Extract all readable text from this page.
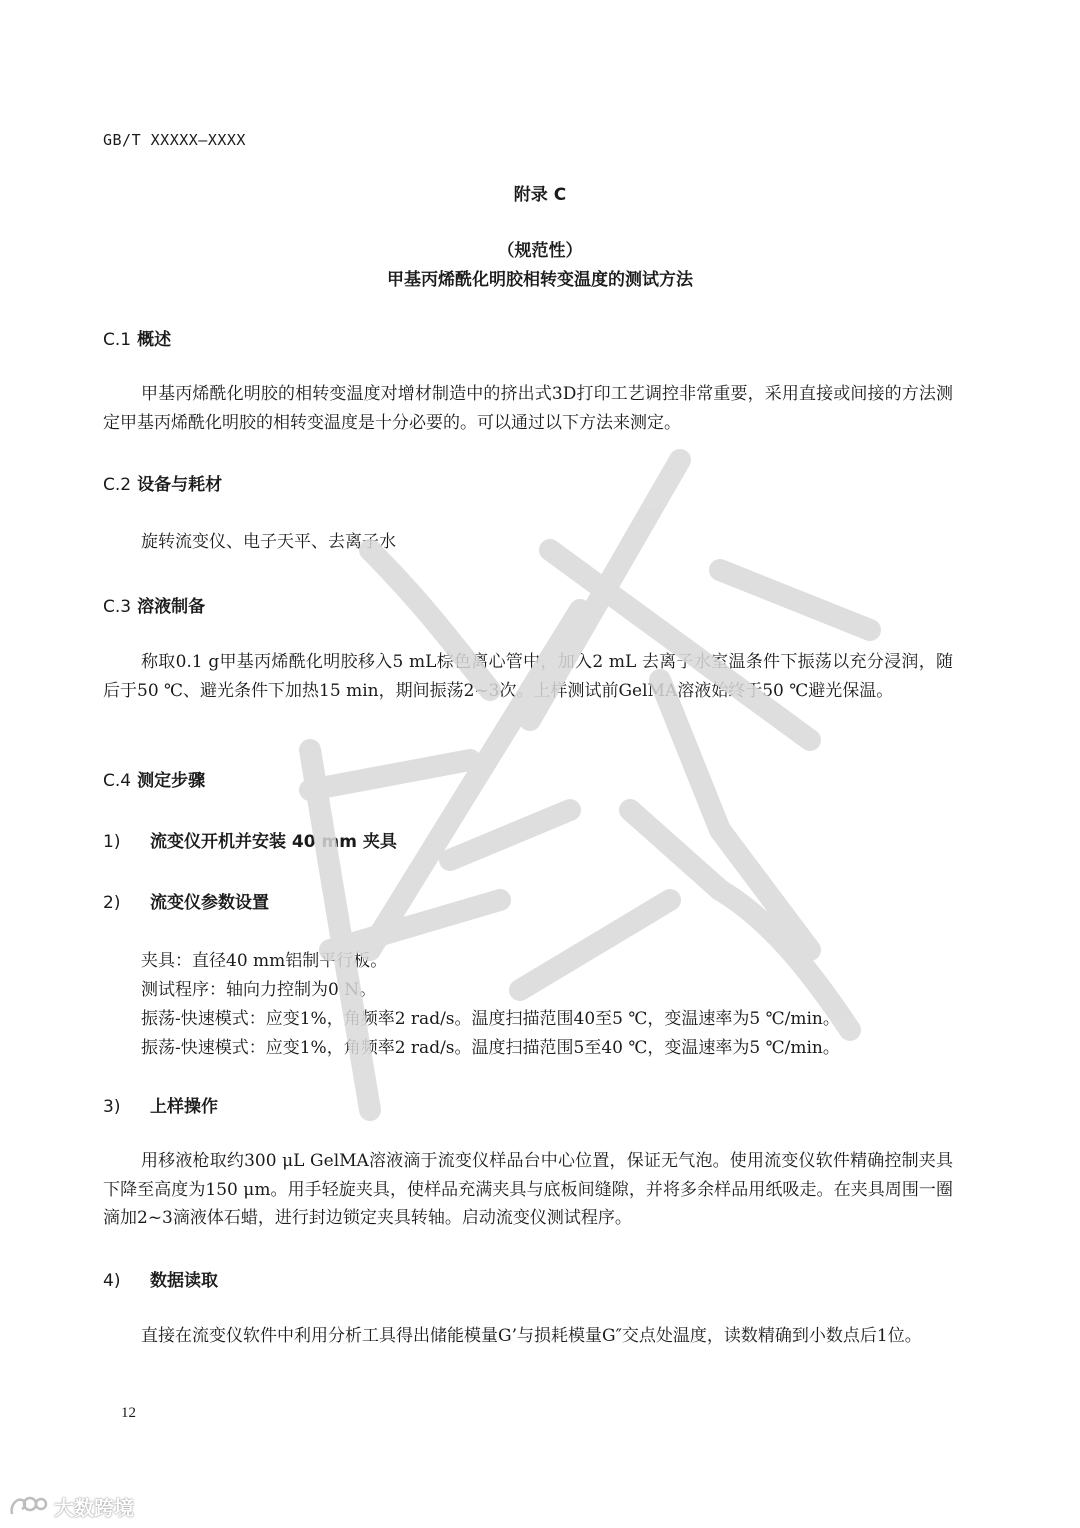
GB/T XXXXX—XXXX
附录 C
（规范性）
甲基丙烯酰化明胶相转变温度的测试方法
C.1 概述

甲基丙烯酰化明胶的相转变温度对增材制造中的挤出式3D打印工艺调控非常重要，采用直接或间接的方法测定甲基丙烯酰化明胶的相转变温度是十分必要的。可以通过以下方法来测定。

C.2 设备与耗材

旋转流变仪、电子天平、去离子水

C.3 溶液制备

称取0.1 g甲基丙烯酰化明胶移入5 mL棕色离心管中，加入2 mL 去离子水室温条件下振荡以充分浸润，随后于50 ℃、避光条件下加热15 min，期间振荡2~3次。上样测试前GelMA溶液始终于50 ℃避光保温。

C.4 测定步骤
1) 流变仪开机并安装 40 mm 夹具
2) 流变仪参数设置
夹具：直径40 mm铝制平行板。
测试程序：轴向力控制为0 N。
振荡-快速模式：应变1%，角频率2 rad/s。温度扫描范围40至5 ℃，变温速率为5 ℃/min。
振荡-快速模式：应变1%，角频率2 rad/s。温度扫描范围5至40 ℃，变温速率为5 ℃/min。
3) 上样操作

用移液枪取约300 μL GelMA溶液滴于流变仪样品台中心位置，保证无气泡。使用流变仪软件精确控制夹具下降至高度为150 μm。用手轻旋夹具，使样品充满夹具与底板间缝隙，并将多余样品用纸吸走。在夹具周围一圈滴加2~3滴液体石蜡，进行封边锁定夹具转轴。启动流变仪测试程序。

4) 数据读取

直接在流变仪软件中利用分析工具得出储能模量G’与损耗模量G″交点处温度，读数精确到小数点后1位。

12
大数跨境
